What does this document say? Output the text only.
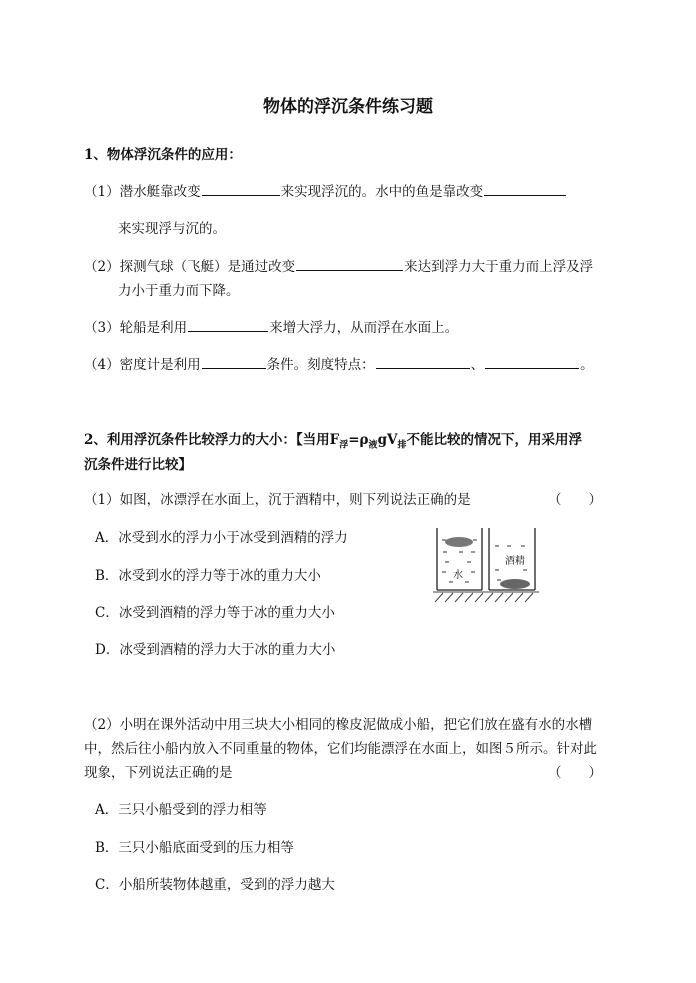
物体的浮沉条件练习题
1、物体浮沉条件的应用：
（1）潜水艇靠改变	来实现浮沉的。水中的鱼是靠改变
来实现浮与沉的。
（2）探测气球（飞艇）是通过改变	来达到浮力大于重力而上浮及浮
力小于重力而下降。
（3）轮船是利用	来增大浮力，从而浮在水面上。
（4）密度计是利用	条件。刻度特点：	、	。
2、利用浮沉条件比较浮力的大小：【当用$F_浮=\rho_液gV_排$不能比较的情况下，用采用浮
沉条件进行比较】
（1）如图，冰漂浮在水面上，沉于酒精中，则下列说法正确的是	（　　）
A．冰受到水的浮力小于冰受到酒精的浮力
B．冰受到水的浮力等于冰的重力大小
C．冰受到酒精的浮力等于冰的重力大小
D．冰受到酒精的浮力大于冰的重力大小
水
酒精
（2）小明在课外活动中用三块大小相同的橡皮泥做成小船，把它们放在盛有水的水槽
中，然后往小船内放入不同重量的物体，它们均能漂浮在水面上，如图５所示。针对此
现象，下列说法正确的是	（　　）
A．三只小船受到的浮力相等
B．三只小船底面受到的压力相等
C．小船所装物体越重，受到的浮力越大
